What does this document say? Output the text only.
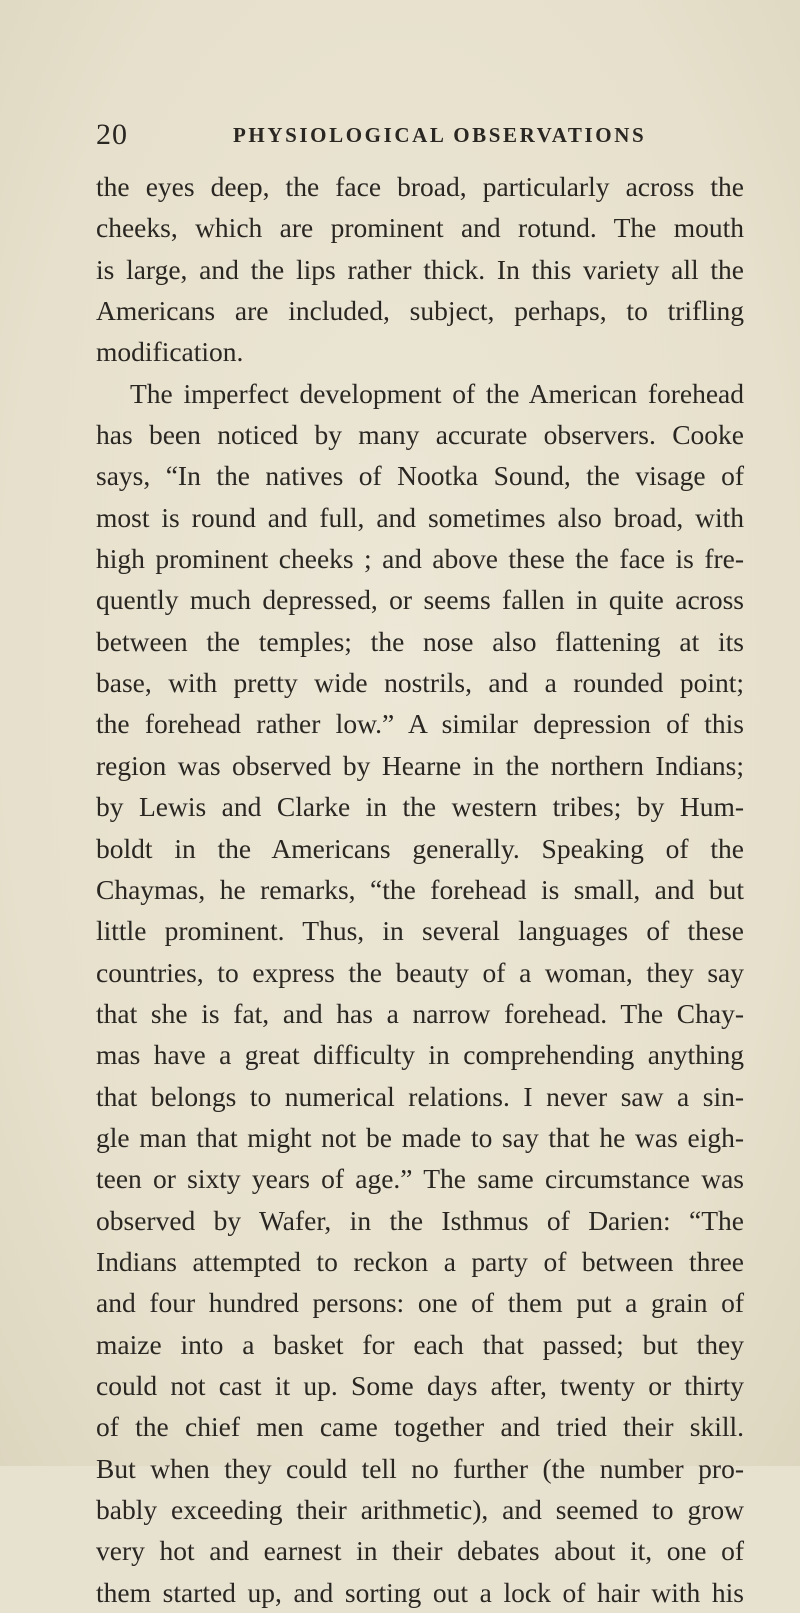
20	PHYSIOLOGICAL OBSERVATIONS
the eyes deep, the face broad, particularly across the
cheeks, which are prominent and rotund. The mouth
is large, and the lips rather thick. In this variety all the
Americans are included, subject, perhaps, to trifling
modification.
The imperfect development of the American forehead
has been noticed by many accurate observers. Cooke
says, “In the natives of Nootka Sound, the visage of
most is round and full, and sometimes also broad, with
high prominent cheeks ; and above these the face is fre-
quently much depressed, or seems fallen in quite across
between the temples; the nose also flattening at its
base, with pretty wide nostrils, and a rounded point;
the forehead rather low.” A similar depression of this
region was observed by Hearne in the northern Indians;
by Lewis and Clarke in the western tribes; by Hum-
boldt in the Americans generally. Speaking of the
Chaymas, he remarks, “the forehead is small, and but
little prominent. Thus, in several languages of these
countries, to express the beauty of a woman, they say
that she is fat, and has a narrow forehead. The Chay-
mas have a great difficulty in comprehending anything
that belongs to numerical relations. I never saw a sin-
gle man that might not be made to say that he was eigh-
teen or sixty years of age.” The same circumstance was
observed by Wafer, in the Isthmus of Darien: “The
Indians attempted to reckon a party of between three
and four hundred persons: one of them put a grain of
maize into a basket for each that passed; but they
could not cast it up. Some days after, twenty or thirty
of the chief men came together and tried their skill.
But when they could tell no further (the number pro-
bably exceeding their arithmetic), and seemed to grow
very hot and earnest in their debates about it, one of
them started up, and sorting out a lock of hair with his
